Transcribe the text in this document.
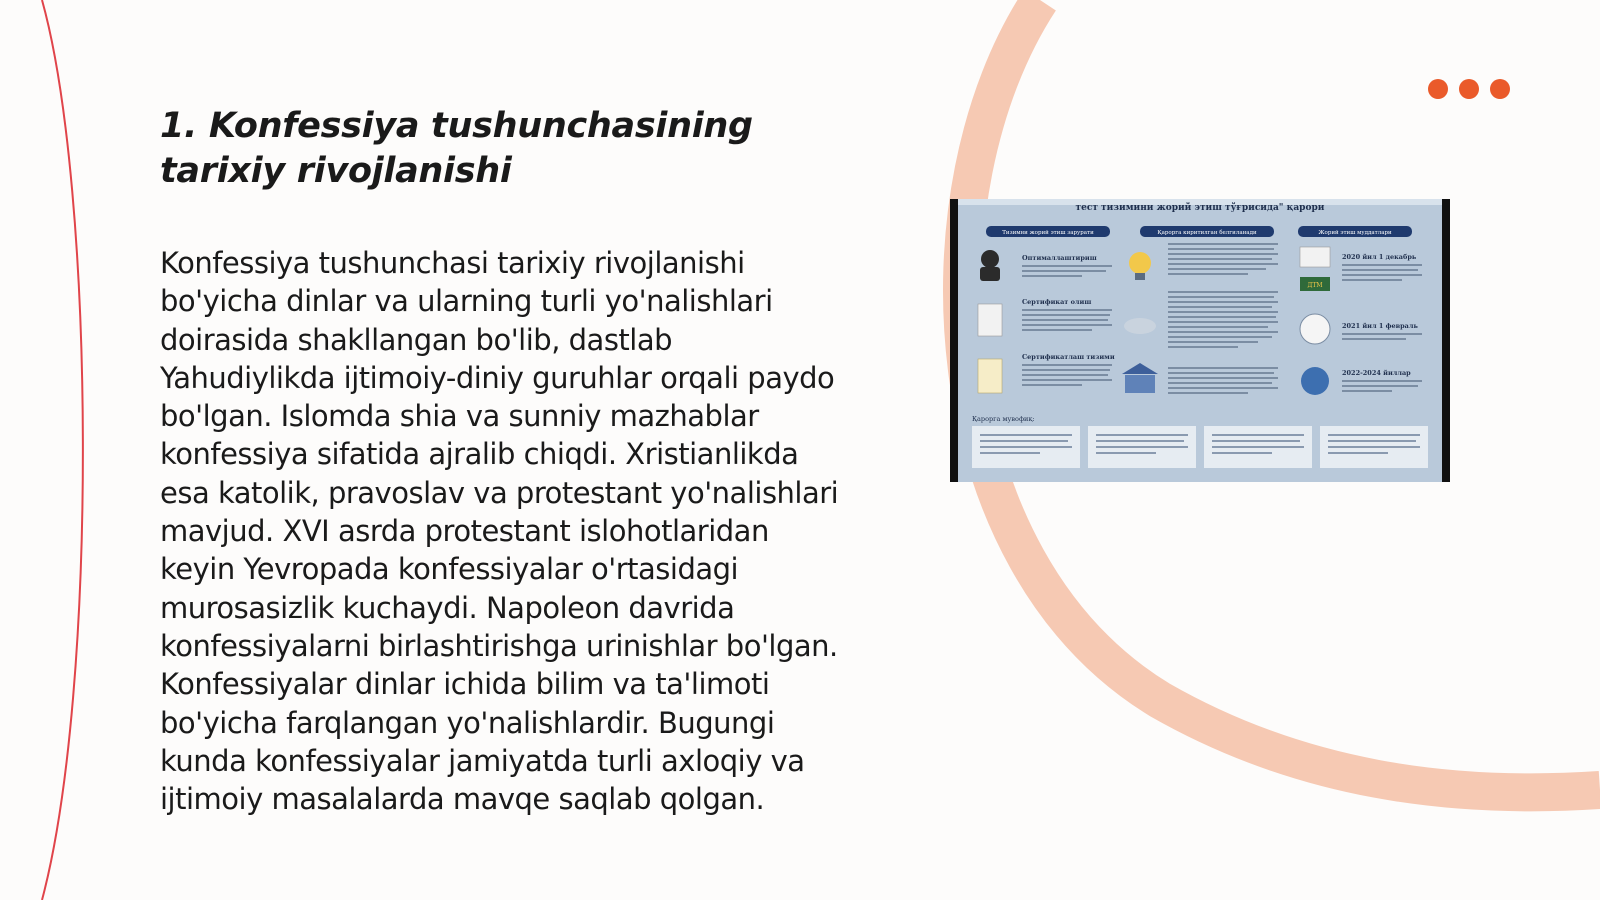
1. Konfessiya tushunchasining tarixiy rivojlanishi

Konfessiya tushunchasi tarixiy rivojlanishi bo'yicha dinlar va ularning turli yo'nalishlari doirasida shakllangan bo'lib, dastlab Yahudiylikda ijtimoiy-diniy guruhlar orqali paydo bo'lgan. Islomda shia va sunniy mazhablar konfessiya sifatida ajralib chiqdi. Xristianlikda esa katolik, pravoslav va protestant yo'nalishlari mavjud. XVI asrda protestant islohotlaridan keyin Yevropada konfessiyalar o'rtasidagi murosasizlik kuchaydi. Napoleon davrida konfessiyalarni birlashtirishga urinishlar bo'lgan. Konfessiyalar dinlar ichida bilim va ta'limoti bo'yicha farqlangan yo'nalishlardir. Bugungi kunda konfessiyalar jamiyatda turli axloqiy va ijtimoiy masalalarda mavqe saqlab qolgan.

тест тизимини жорий этиш тўғрисида" қарори
Тизимни жорий этиш зарурати	Қарорга киритилган белгиланади	Жорий этиш муддатлари
Оптималлаштириш
Сертификат олиш
Сертификатлаш тизими
ДТМ
2020 йил 1 декабрь
2021 йил 1 февраль
2022-2024 йиллар
Қарорга мувофиқ:
